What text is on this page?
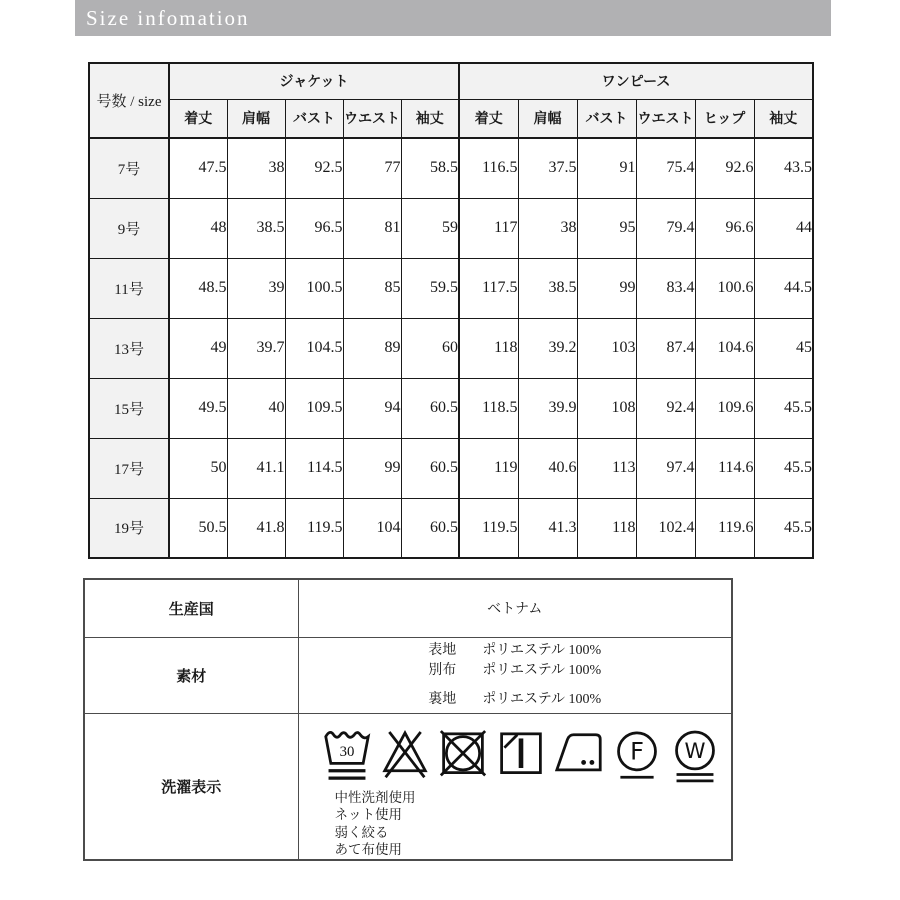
Size infomation
号数 / size	ジャケット					ワンピース					
	着丈	肩幅	バスト	ウエスト	袖丈	着丈	肩幅	バスト	ウエスト	ヒップ	袖丈
7号	47.5	38	92.5	77	58.5	116.5	37.5	91	75.4	92.6	43.5
9号	48	38.5	96.5	81	59	117	38	95	79.4	96.6	44
11号	48.5	39	100.5	85	59.5	117.5	38.5	99	83.4	100.6	44.5
13号	49	39.7	104.5	89	60	118	39.2	103	87.4	104.6	45
15号	49.5	40	109.5	94	60.5	118.5	39.9	108	92.4	109.6	45.5
17号	50	41.1	114.5	99	60.5	119	40.6	113	97.4	114.6	45.5
19号	50.5	41.8	119.5	104	60.5	119.5	41.3	118	102.4	119.6	45.5
生産国	ベトナム
素材	
表地 ポリエステル 100%
別布 ポリエステル 100%
裏地 ポリエステル 100%

洗濯表示	
30	F W
中性洗剤使用
ネット使用
弱く絞る
あて布使用
